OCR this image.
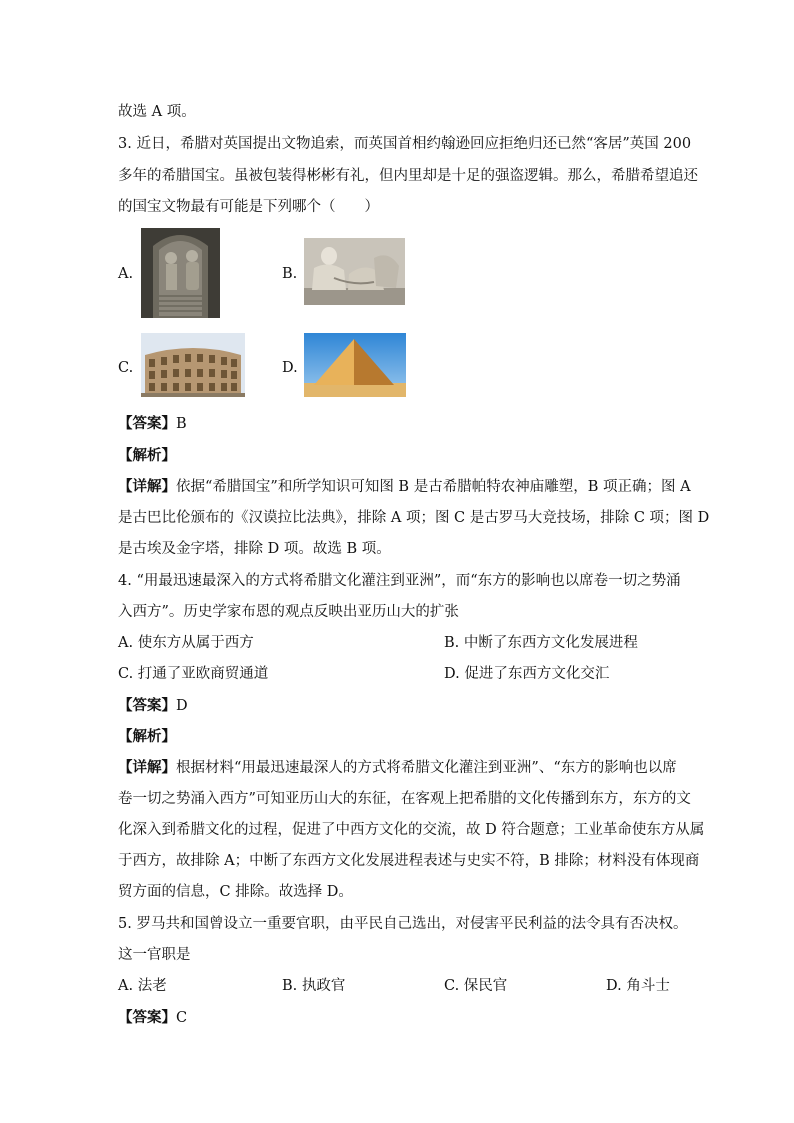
故选 A 项。
3. 近日，希腊对英国提出文物追索，而英国首相约翰逊回应拒绝归还已然“客居”英国 200
多年的希腊国宝。虽被包装得彬彬有礼，但内里却是十足的强盗逻辑。那么，希腊希望追还
的国宝文物最有可能是下列哪个（　　）
A.	B.
C.	D.
【答案】B
【解析】
【详解】依据“希腊国宝”和所学知识可知图 B 是古希腊帕特农神庙雕塑，B 项正确；图 A
是古巴比伦颁布的《汉谟拉比法典》，排除 A 项；图 C 是古罗马大竞技场，排除 C 项；图 D
是古埃及金字塔，排除 D 项。故选 B 项。
4. “用最迅速最深入的方式将希腊文化灌注到亚洲”，而“东方的影响也以席卷一切之势涌
入西方”。历史学家布恩的观点反映出亚历山大的扩张
A. 使东方从属于西方	B. 中断了东西方文化发展进程
C. 打通了亚欧商贸通道	D. 促进了东西方文化交汇
【答案】D
【解析】
【详解】根据材料“用最迅速最深人的方式将希腊文化灌注到亚洲”、“东方的影响也以席
卷一切之势涌入西方”可知亚历山大的东征，在客观上把希腊的文化传播到东方，东方的文
化深入到希腊文化的过程，促进了中西方文化的交流，故 D 符合题意；工业革命使东方从属
于西方，故排除 A；中断了东西方文化发展进程表述与史实不符，B 排除；材料没有体现商
贸方面的信息，C 排除。故选择 D。
5. 罗马共和国曾设立一重要官职，由平民自己选出，对侵害平民利益的法令具有否决权。
这一官职是
A. 法老	B. 执政官	C. 保民官	D. 角斗士
【答案】C
